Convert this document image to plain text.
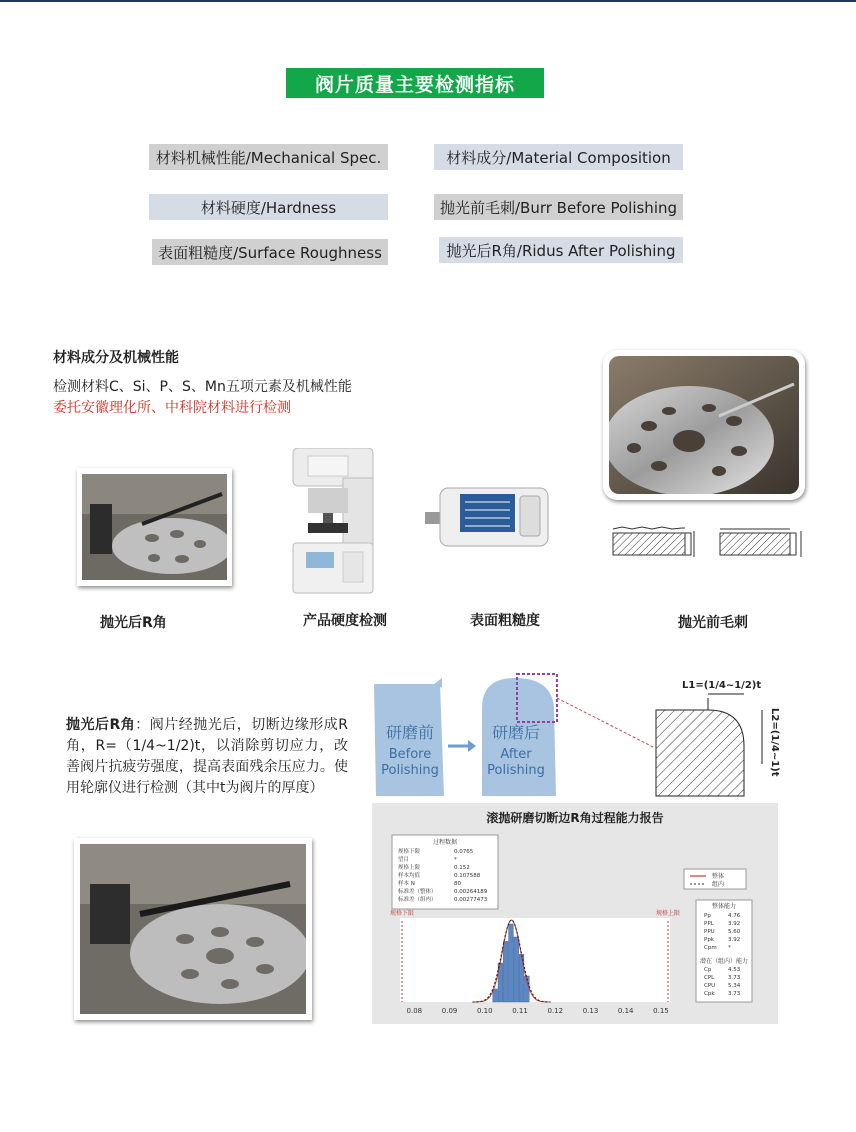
阀片质量主要检测指标
材料机械性能/Mechanical Spec.	材料成分/Material Composition
材料硬度/Hardness	抛光前毛刺/Burr Before Polishing
表面粗糙度/Surface Roughness	抛光后R角/Ridus After Polishing
材料成分及机械性能
检测材料C、Si、P、S、Mn五项元素及机械性能
委托安徽理化所、中科院材料进行检测
抛光后R角	产品硬度检测	表面粗糙度	抛光前毛刺
抛光后R角：阀片经抛光后，切断边缘形成R角，R=（1/4~1/2)t，以消除剪切应力，改善阀片抗疲劳强度，提高表面残余压应力。使用轮廓仪进行检测（其中t为阀片的厚度）
研磨前
Before
Polishing
研磨后
After
Polishing
L1=(1/4~1/2)t
L2=(1/4~1)t
滚抛研磨切断边R角过程能力报告
过程数据
规格下限	0.0765
望目	*
规格上限	0.152
样本均值	0.107588
样本 N	80
标准差（整体）	0.00264189
标准差（组内）	0.00277473
整体
组内
整体能力
Pp	4.76
PPL	3.92
PPU 5.60
Ppk	3.92
Cpm *
潜在（组内）能力
Cp	4.53
CPL	3.73
CPU 5.34
Cpk 3.73
规格下限	规格上限
0.08	0.09	0.10	0.11	0.12	0.13	0.14	0.15
